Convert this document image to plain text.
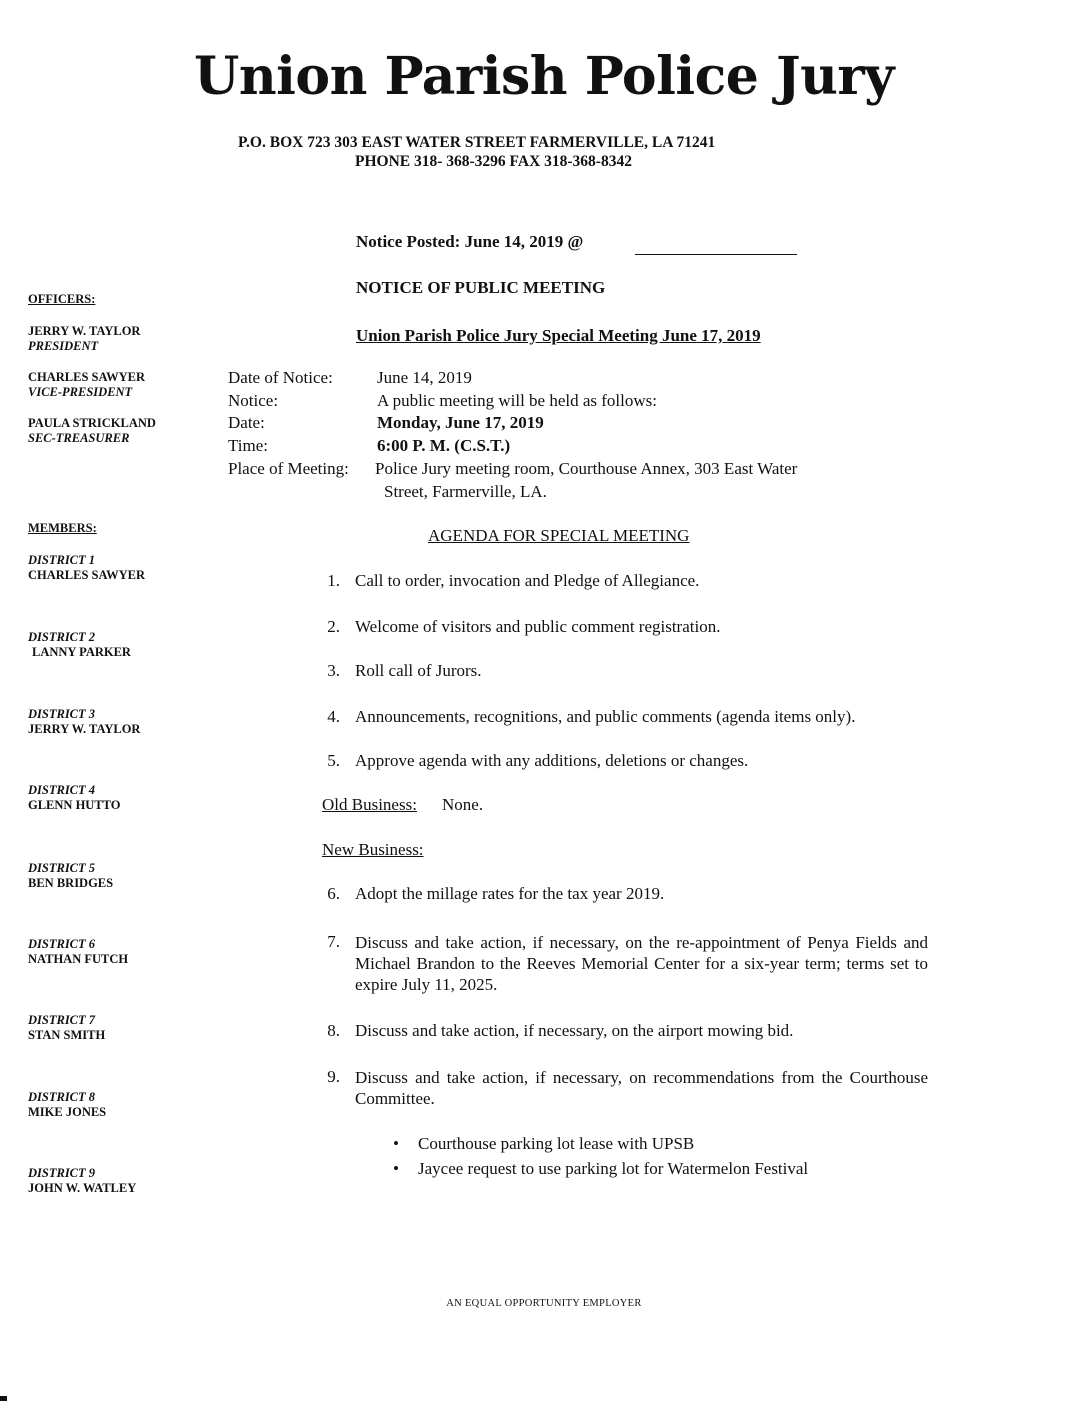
Union Parish Police Jury
P.O. BOX 723 303 EAST WATER STREET FARMERVILLE, LA 71241
PHONE 318- 368-3296 FAX 318-368-8342
Notice Posted: June 14, 2019 @
NOTICE OF PUBLIC MEETING
Union Parish Police Jury Special Meeting June 17, 2019
OFFICERS:
JERRY W. TAYLOR
PRESIDENT
CHARLES SAWYER
VICE-PRESIDENT
PAULA STRICKLAND
SEC-TREASURER
MEMBERS:
DISTRICT 1
CHARLES SAWYER
DISTRICT 2
LANNY PARKER
DISTRICT 3
JERRY W. TAYLOR
DISTRICT 4
GLENN HUTTO
DISTRICT 5
BEN BRIDGES
DISTRICT 6
NATHAN FUTCH
DISTRICT 7
STAN SMITH
DISTRICT 8
MIKE JONES
DISTRICT 9
JOHN W. WATLEY
Date of Notice:	June 14, 2019
Notice:	A public meeting will be held as follows:
Date:	Monday, June 17, 2019
Time:	6:00 P. M. (C.S.T.)
Place of Meeting: Police Jury meeting room, Courthouse Annex, 303 East Water
Street, Farmerville, LA.
AGENDA FOR SPECIAL MEETING
1. Call to order, invocation and Pledge of Allegiance.
2. Welcome of visitors and public comment registration.
3. Roll call of Jurors.
4. Announcements, recognitions, and public comments (agenda items only).
5. Approve agenda with any additions, deletions or changes.
Old Business: None.
New Business:
6. Adopt the millage rates for the tax year 2019.
7. Discuss and take action, if necessary, on the re-appointment of Penya Fields and Michael Brandon to the Reeves Memorial Center for a six-year term; terms set to expire July 11, 2025.
8. Discuss and take action, if necessary, on the airport mowing bid.
9. Discuss and take action, if necessary, on recommendations from the Courthouse Committee.
• Courthouse parking lot lease with UPSB
• Jaycee request to use parking lot for Watermelon Festival
AN EQUAL OPPORTUNITY EMPLOYER
